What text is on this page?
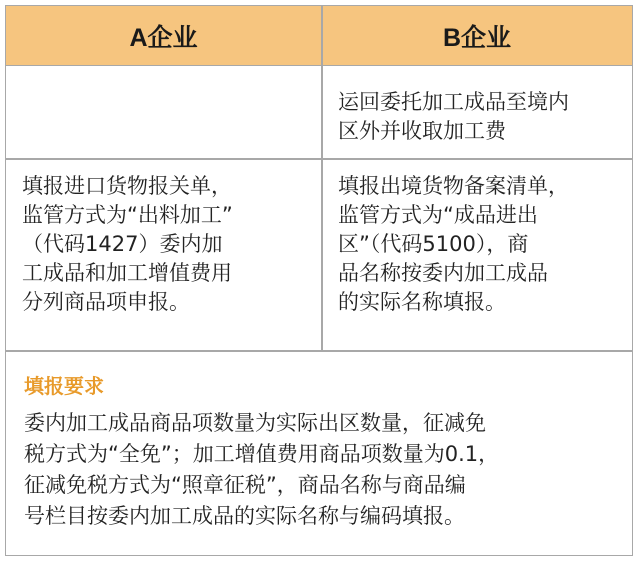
A企业	B企业
运回委托加工成品至境内
区外并收取加工费
填报进口货物报关单，
监管方式为“出料加工”
（代码1427）委内加
工成品和加工增值费用
分列商品项申报。
填报出境货物备案清单，
监管方式为“成品进出
区”（代码5100），商
品名称按委内加工成品
的实际名称填报。
填报要求
委内加工成品商品项数量为实际出区数量，征减免
税方式为“全免”；加工增值费用商品项数量为0.1，
征减免税方式为“照章征税”，商品名称与商品编
号栏目按委内加工成品的实际名称与编码填报。
